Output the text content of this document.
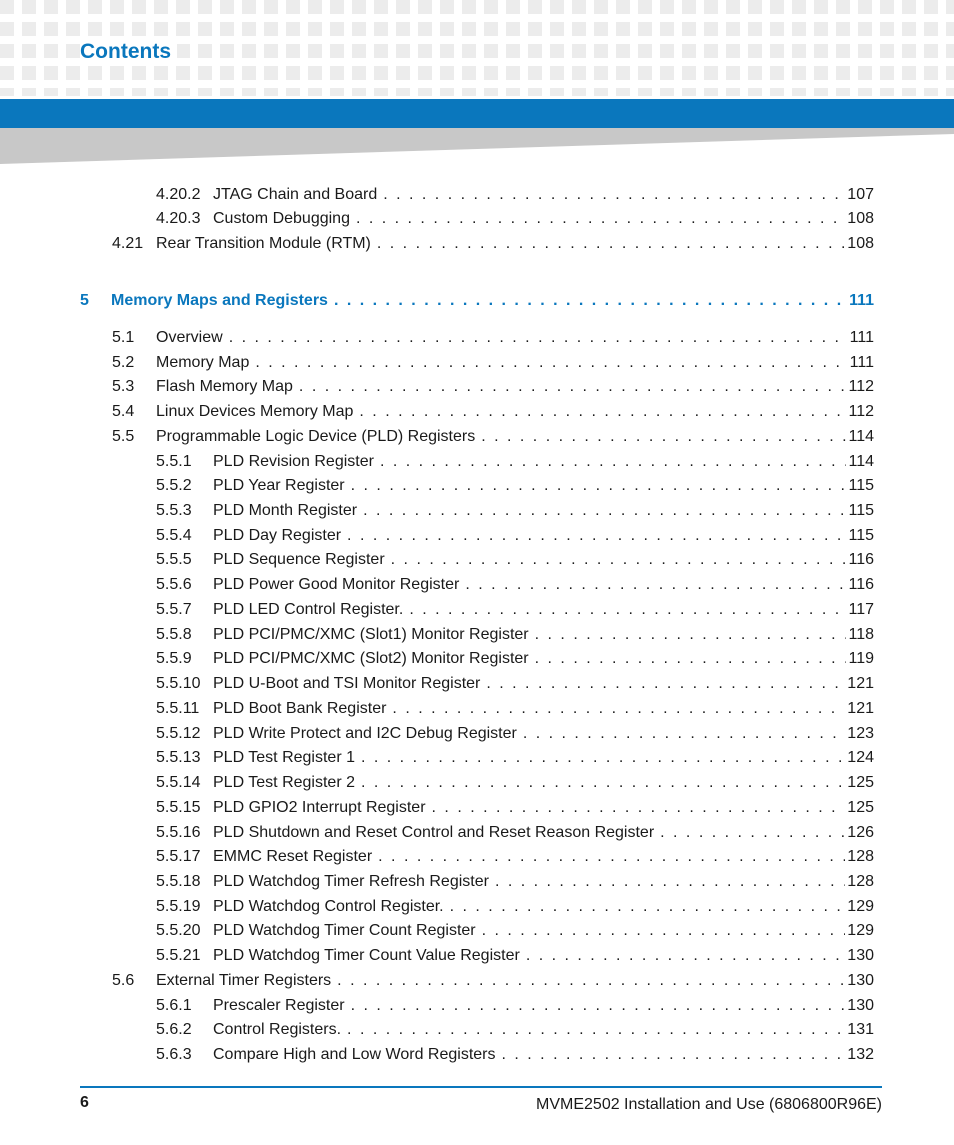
Contents
4.20.2 JTAG Chain and Board . . .	107
4.20.3 Custom Debugging . . .	108
4.21 Rear Transition Module (RTM) . . .	108
5 Memory Maps and Registers . . .	111
5.1 Overview . . .	111
5.2 Memory Map . . .	111
5.3 Flash Memory Map . . .	112
5.4 Linux Devices Memory Map . . .	112
5.5 Programmable Logic Device (PLD) Registers . . .	114
5.5.1 PLD Revision Register . . .	114
5.5.2 PLD Year Register . . .	115
5.5.3 PLD Month Register . . .	115
5.5.4 PLD Day Register . . .	115
5.5.5 PLD Sequence Register . . .	116
5.5.6 PLD Power Good Monitor Register . . .	116
5.5.7 PLD LED Control Register. . . .	117
5.5.8 PLD PCI/PMC/XMC (Slot1) Monitor Register . . .	118
5.5.9 PLD PCI/PMC/XMC (Slot2) Monitor Register . . .	119
5.5.10 PLD U-Boot and TSI Monitor Register . . .	121
5.5.11 PLD Boot Bank Register . . .	121
5.5.12 PLD Write Protect and I2C Debug Register . . .	123
5.5.13 PLD Test Register 1 . . .	124
5.5.14 PLD Test Register 2 . . .	125
5.5.15 PLD GPIO2 Interrupt Register . . .	125
5.5.16 PLD Shutdown and Reset Control and Reset Reason Register . . .	126
5.5.17 EMMC Reset Register . . .	128
5.5.18 PLD Watchdog Timer Refresh Register . . .	128
5.5.19 PLD Watchdog Control Register. . . .	129
5.5.20 PLD Watchdog Timer Count Register . . .	129
5.5.21 PLD Watchdog Timer Count Value Register . . .	130
5.6 External Timer Registers . . .	130
5.6.1 Prescaler Register . . .	130
5.6.2 Control Registers. . . .	131
5.6.3 Compare High and Low Word Registers . . .	132
6	MVME2502 Installation and Use (6806800R96E)
